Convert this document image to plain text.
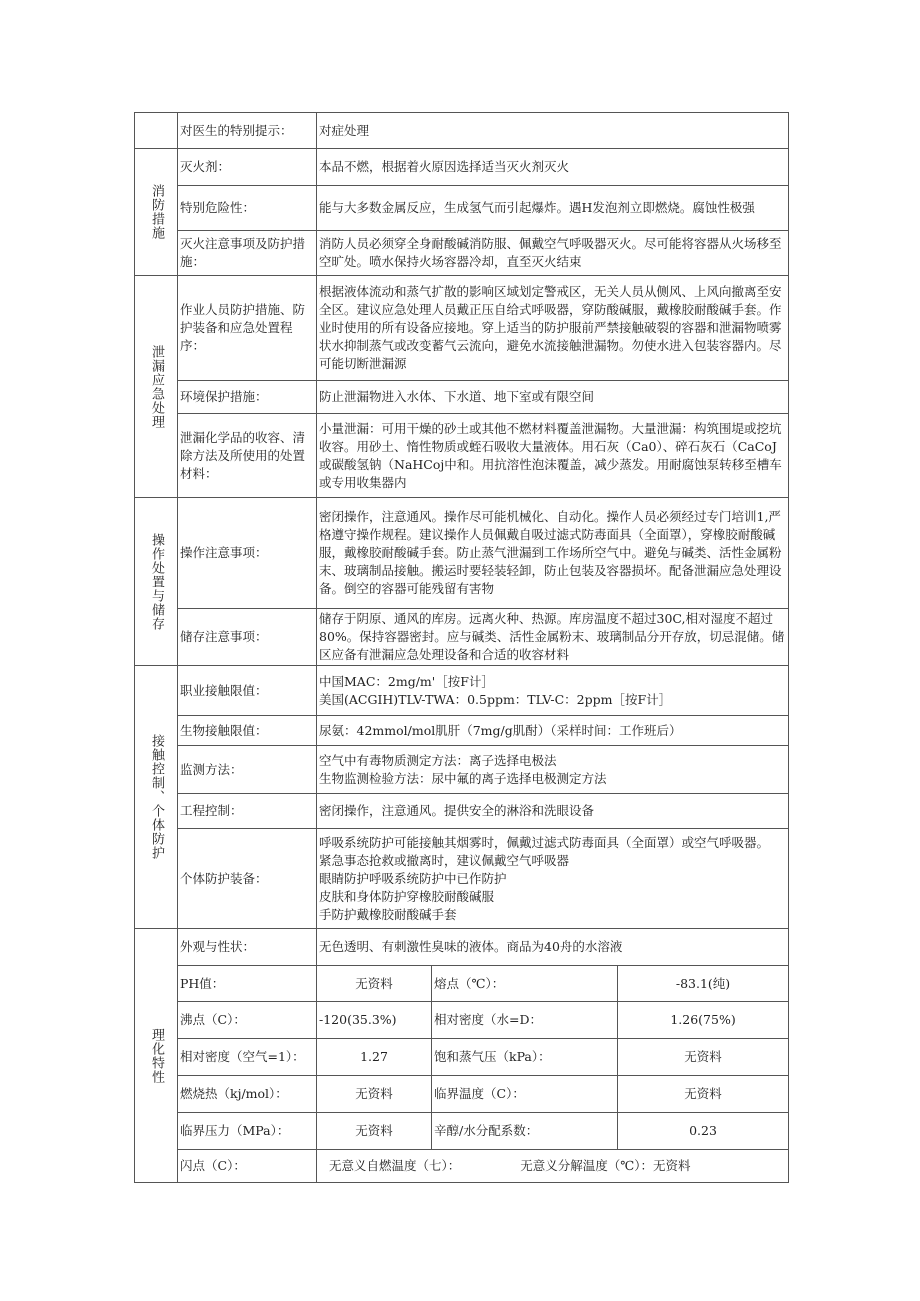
	对医生的特别提示：	对症处理		
消防措施	灭火剂：	本品不燃，根据着火原因选择适当灭火剂灭火		
	特别危险性：	能与大多数金属反应，生成氢气而引起爆炸。遇H发泡剂立即燃烧。腐蚀性极强		
	灭火注意事项及防护措施：	消防人员必须穿全身耐酸碱消防服、佩戴空气呼吸器灭火。尽可能将容器从火场移至空旷处。喷水保持火场容器冷却，直至灭火结束		
泄漏应急处理	作业人员防护措施、防护装备和应急处置程序：	根据液体流动和蒸气扩散的影响区域划定警戒区，无关人员从侧风、上风向撤离至安全区。建议应急处理人员戴正压自给式呼吸器，穿防酸碱服，戴橡胶耐酸碱手套。作业时使用的所有设备应接地。穿上适当的防护服前严禁接触破裂的容器和泄漏物喷雾状水抑制蒸气或改变蓄气云流向，避免水流接触泄漏物。勿使水进入包装容器内。尽可能切断泄漏源		
	环境保护措施：	防止泄漏物进入水体、下水道、地下室或有限空间		
	泄漏化学品的收容、清除方法及所使用的处置材料：	小量泄漏：可用干燥的砂土或其他不燃材料覆盖泄漏物。大量泄漏：构筑围堤或挖坑收容。用砂土、惰性物质或蛭石吸收大量液体。用石灰（Ca0）、碎石灰石（CaCoJ或碳酸氢钠（NaHCoj中和。用抗溶性泡沫覆盖，减少蒸发。用耐腐蚀泵转移至槽车或专用收集器内		
操作处置与储存	操作注意事项：	密闭操作，注意通风。操作尽可能机械化、自动化。操作人员必须经过专门培训1,严格遵守操作规程。建议操作人员佩戴自吸过滤式防毒面具（全面罩），穿橡胶耐酸碱服，戴橡胶耐酸碱手套。防止蒸气泄漏到工作场所空气中。避免与碱类、活性金属粉末、玻璃制品接触。搬运时要轻装轻卸，防止包装及容器损坏。配备泄漏应急处理设备。倒空的容器可能残留有害物		
	储存注意事项：	储存于阴原、通风的库房。远离火种、热源。库房温度不超过30C,相对湿度不超过80%。保持容器密封。应与碱类、活性金属粉末、玻璃制品分开存放，切忌混储。储区应备有泄漏应急处理设备和合适的收容材料		
接触控制、个体防护	职业接触限值：	中国MAC：2mg/m'［按F计］
美国(ACGIH)TLV-TWA：0.5ppm：TLV-C：2ppm［按F计］		

	生物接触限值：	尿氨：42mmol/mol肌肝（7mg/g肌酎）（采样时间：工作班后）		

	监测方法：	空气中有毒物质测定方法：离子选择电极法
生物监测检验方法：尿中氟的离子选择电极测定方法		

	工程控制：	密闭操作，注意通风。提供安全的淋浴和洗眼设备		

	个体防护装备：	呼吸系统防护可能接触其烟雾时，佩戴过滤式防毒面具（全面罩）或空气呼吸器。
紧急事态抢救或撤离时，建议佩戴空气呼吸器
眼睛防护呼吸系统防护中已作防护
皮肤和身体防护穿橡胶耐酸碱服
手防护戴橡胶耐酸碱手套		

理化特性	外观与性状：	无色透明、有刺激性臭味的液体。商品为40舟的水溶液		
	PH值：	无资料	熔点（℃）：	-83.1(纯)
	沸点（C）：	-120(35.3%)	相对密度（水=D：	1.26(75%)
	相对密度（空气=1）：	1.27	饱和蒸气压（kPa）：	无资料
	燃烧热（kj/mol）：	无资料	临界温度（C）：	无资料
	临界压力（MPa）：	无资料	辛醇/水分配系数：	0.23
	闪点（C）：	无意义自燃温度（七）： 无意义分解温度（℃）：无资料		
